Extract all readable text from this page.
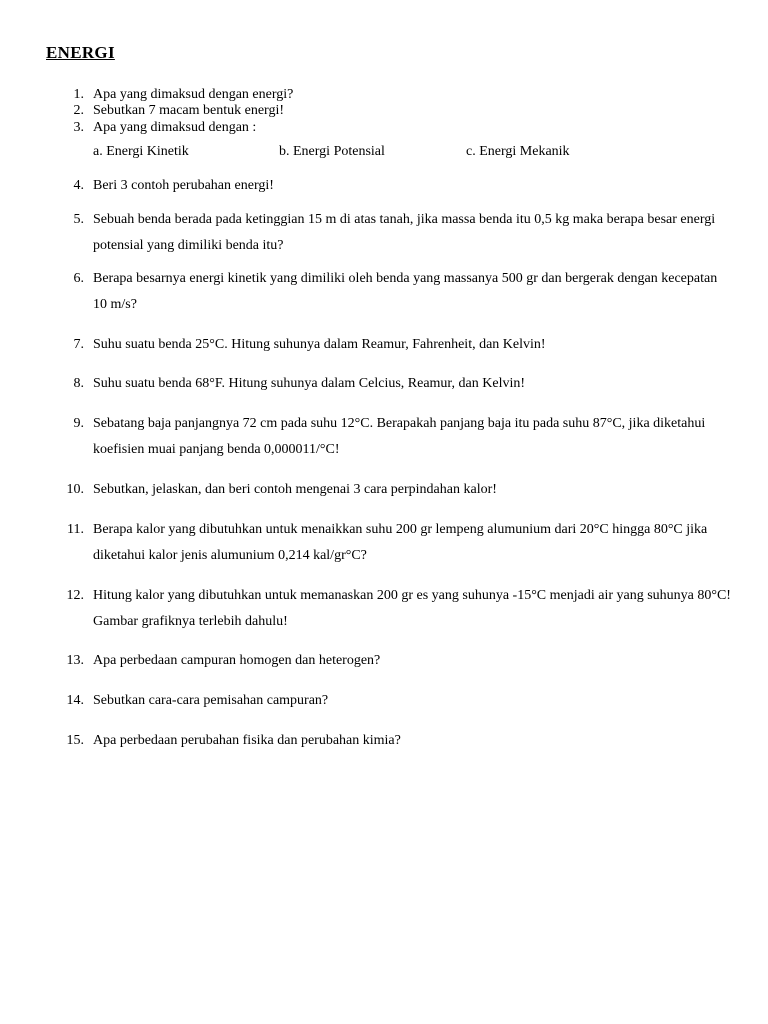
ENERGI
1. Apa yang dimaksud dengan energi?
2. Sebutkan 7 macam bentuk energi!
3. Apa yang dimaksud dengan :
a. Energi Kinetik	b. Energi Potensial	c. Energi Mekanik
4. Beri 3 contoh perubahan energi!
5. Sebuah benda berada pada ketinggian 15 m di atas tanah, jika massa benda itu 0,5 kg maka berapa besar energi potensial yang dimiliki benda itu?
6. Berapa besarnya energi kinetik yang dimiliki oleh benda yang massanya 500 gr dan bergerak dengan kecepatan 10 m/s?
7. Suhu suatu benda 25°C. Hitung suhunya dalam Reamur, Fahrenheit, dan Kelvin!
8. Suhu suatu benda 68°F. Hitung suhunya dalam Celcius, Reamur, dan Kelvin!
9. Sebatang baja panjangnya 72 cm pada suhu 12°C. Berapakah panjang baja itu pada suhu 87°C, jika diketahui koefisien muai panjang benda 0,000011/°C!
10. Sebutkan, jelaskan, dan beri contoh mengenai 3 cara perpindahan kalor!
11. Berapa kalor yang dibutuhkan untuk menaikkan suhu 200 gr lempeng alumunium dari 20°C hingga 80°C jika diketahui kalor jenis alumunium 0,214 kal/gr°C?
12. Hitung kalor yang dibutuhkan untuk memanaskan 200 gr es yang suhunya -15°C menjadi air yang suhunya 80°C! Gambar grafiknya terlebih dahulu!
13. Apa perbedaan campuran homogen dan heterogen?
14. Sebutkan cara-cara pemisahan campuran?
15. Apa perbedaan perubahan fisika dan perubahan kimia?
